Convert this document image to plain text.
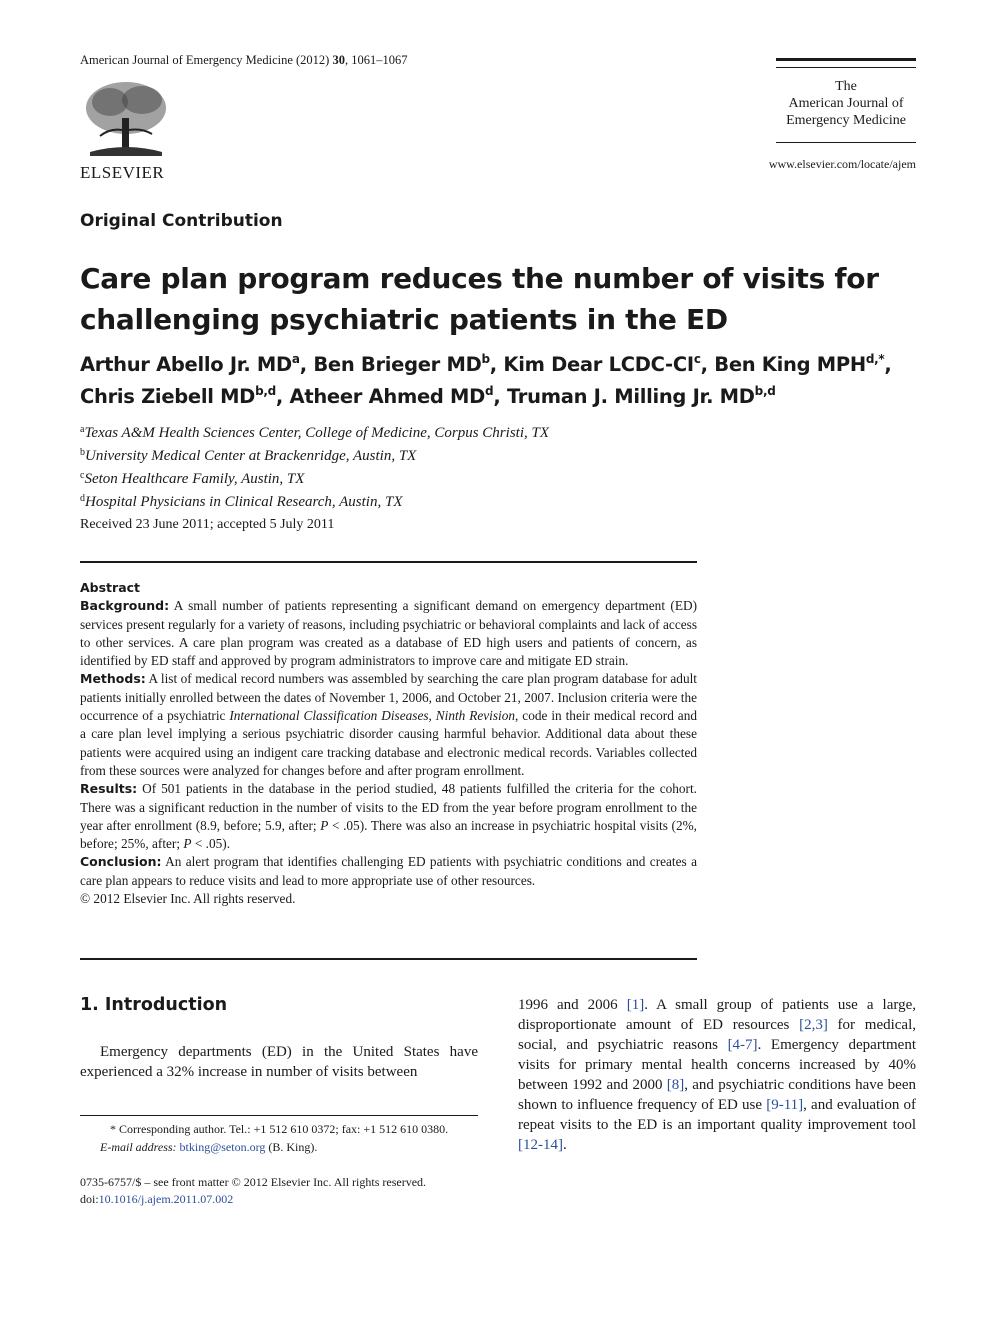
American Journal of Emergency Medicine (2012) 30, 1061–1067
ELSEVIER
The
American Journal of
Emergency Medicine
www.elsevier.com/locate/ajem
Original Contribution
Care plan program reduces the number of visits for challenging psychiatric patients in the ED
Arthur Abello Jr. $MD^a$, Ben Brieger $MD^b$, Kim Dear LCDC-$CI^c$, Ben King $MPH^{d,*}$,
Chris Ziebell MD$^{b,d}$, Atheer Ahmed $MD^d$, Truman J. Milling Jr. MD$^{b,d}$
$^a$Texas A&M Health Sciences Center, College of Medicine, Corpus Christi, TX
$^b$University Medical Center at Brackenridge, Austin, TX
$^c$Seton Healthcare Family, Austin, TX
$^d$Hospital Physicians in Clinical Research, Austin, TX
Received 23 June 2011; accepted 5 July 2011

Abstract

Background: A small number of patients representing a significant demand on emergency department (ED) services present regularly for a variety of reasons, including psychiatric or behavioral complaints and lack of access to other services. A care plan program was created as a database of ED high users and patients of concern, as identified by ED staff and approved by program administrators to improve care and mitigate ED strain.

Methods: A list of medical record numbers was assembled by searching the care plan program database for adult patients initially enrolled between the dates of November 1, 2006, and October 21, 2007. Inclusion criteria were the occurrence of a psychiatric International Classification Diseases, Ninth Revision, code in their medical record and a care plan level implying a serious psychiatric disorder causing harmful behavior. Additional data about these patients were acquired using an indigent care tracking database and electronic medical records. Variables collected from these sources were analyzed for changes before and after program enrollment.

Results: Of 501 patients in the database in the period studied, 48 patients fulfilled the criteria for the cohort. There was a significant reduction in the number of visits to the ED from the year before program enrollment to the year after enrollment (8.9, before; 5.9, after; P < .05). There was also an increase in psychiatric hospital visits (2%, before; 25%, after; P < .05).

Conclusion: An alert program that identifies challenging ED patients with psychiatric conditions and creates a care plan appears to reduce visits and lead to more appropriate use of other resources.

© 2012 Elsevier Inc. All rights reserved.

1. Introduction
Emergency departments (ED) in the United States have experienced a 32% increase in number of visits between
1996 and 2006 [1]. A small group of patients use a large, disproportionate amount of ED resources [2,3] for medical, social, and psychiatric reasons [4-7]. Emergency department visits for primary mental health concerns increased by 40% between 1992 and 2000 [8], and psychiatric conditions have been shown to influence frequency of ED use [9-11], and evaluation of repeat visits to the ED is an important quality improvement tool [12-14].
* Corresponding author. Tel.: +1 512 610 0372; fax: +1 512 610 0380.
E-mail address: btking@seton.org (B. King).
0735-6757/$ – see front matter © 2012 Elsevier Inc. All rights reserved.
doi:10.1016/j.ajem.2011.07.002
